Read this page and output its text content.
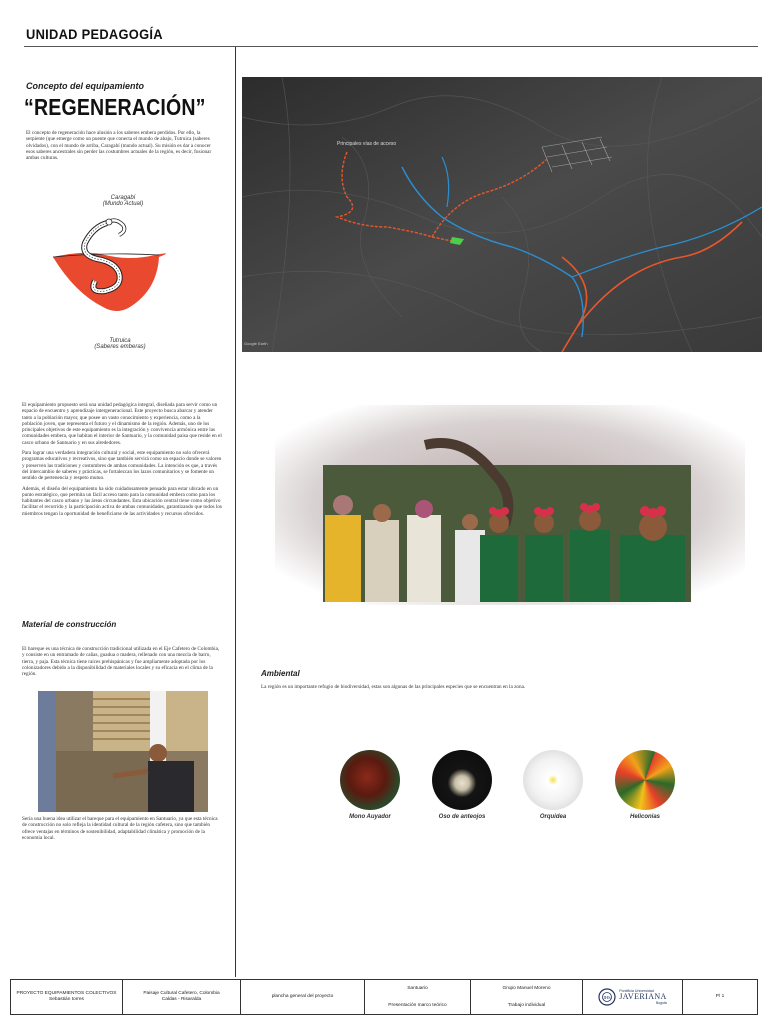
UNIDAD PEDAGOGÍA
Concepto del equipamiento
“REGENERACIÓN”
El concepto de regeneración hace alusión a los saberes embera perdidos. Por ello, la serpiente (que emerge como un puente que conecta el mundo de abajo, Tutruica (saberes olvidados), con el mundo de arriba, Caragabí (mundo actual). Su misión es dar a conocer esos saberes ancestrales sin perder las costumbres actuales de la región, es decir, fusionar ambas culturas.
Caragabí
(Mundo Actual)
Tutruica
(Saberes emberas)
Principales vías de acceso
Google Earth

El equipamiento propuesto será una unidad pedagógica integral, diseñada para servir como un espacio de encuentro y aprendizaje intergeneracional. Este proyecto busca abarcar y atender tanto a la población mayor, que posee un vasto conocimiento y experiencia, como a la población joven, que representa el futuro y el dinamismo de la región. Además, uno de los principales objetivos de este equipamiento es la integración y convivencia armónica entre las comunidades embera, que habitan el interior de Santuario, y la comunidad paisa que reside en el casco urbano de Santuario y en sus alrededores.

Para lograr una verdadera integración cultural y social, este equipamiento no solo ofrecerá programas educativos y recreativos, sino que también servirá como un espacio donde se valoren y preserven las tradiciones y costumbres de ambas comunidades. La intención es que, a través del intercambio de saberes y prácticas, se fortalezcan los lazos comunitarios y se fomente un sentido de pertenencia y respeto mutuo.

Además, el diseño del equipamiento ha sido cuidadosamente pensado para estar ubicado en un punto estratégico, que permita un fácil acceso tanto para la comunidad embera como para los habitantes del casco urbano y las áreas circundantes. Esta ubicación central tiene como objetivo facilitar el recorrido y la participación activa de ambas comunidades, garantizando que todos los miembros tengan la oportunidad de beneficiarse de las actividades y recursos ofrecidos.

Material de construcción
El bareque es una técnica de construcción tradicional utilizada en el Eje Cafetero de Colombia, y consiste en un entramado de cañas, guadua o madera, rellenado con una mezcla de barro, tierra, y paja. Esta técnica tiene raíces prehispánicas y fue ampliamente adoptada por los colonizadores debido a la disponibilidad de materiales locales y su eficacia en el clima de la región.
Sería una buena idea utilizar el bareque para el equipamiento en Santuario, ya que esta técnica de construcción no solo refleja la identidad cultural de la región cafetera, sino que también ofrece ventajas en términos de sostenibilidad, adaptabilidad climática y promoción de la economía local.
Ambiental
La región es un importante refugio de biodiversidad, estas son algunas de las principales especies que se encuentran en la zona.
Mono Auyador	Oso de anteojos	Orquidea	Heliconias
PROYECTO EQUIPAMIENTOS COLECTIVOS
Sebastián torres
Paisaje Cultural Cafetero, Colombia
Caldas - Risaralda
plancha general del proyecto
Santuario
Presentación marco teórico
Grupo Manuel Moreno
Trabajo individual
IHS
Pontificia Universidad
JAVERIANA
Bogotá
P/ 1
